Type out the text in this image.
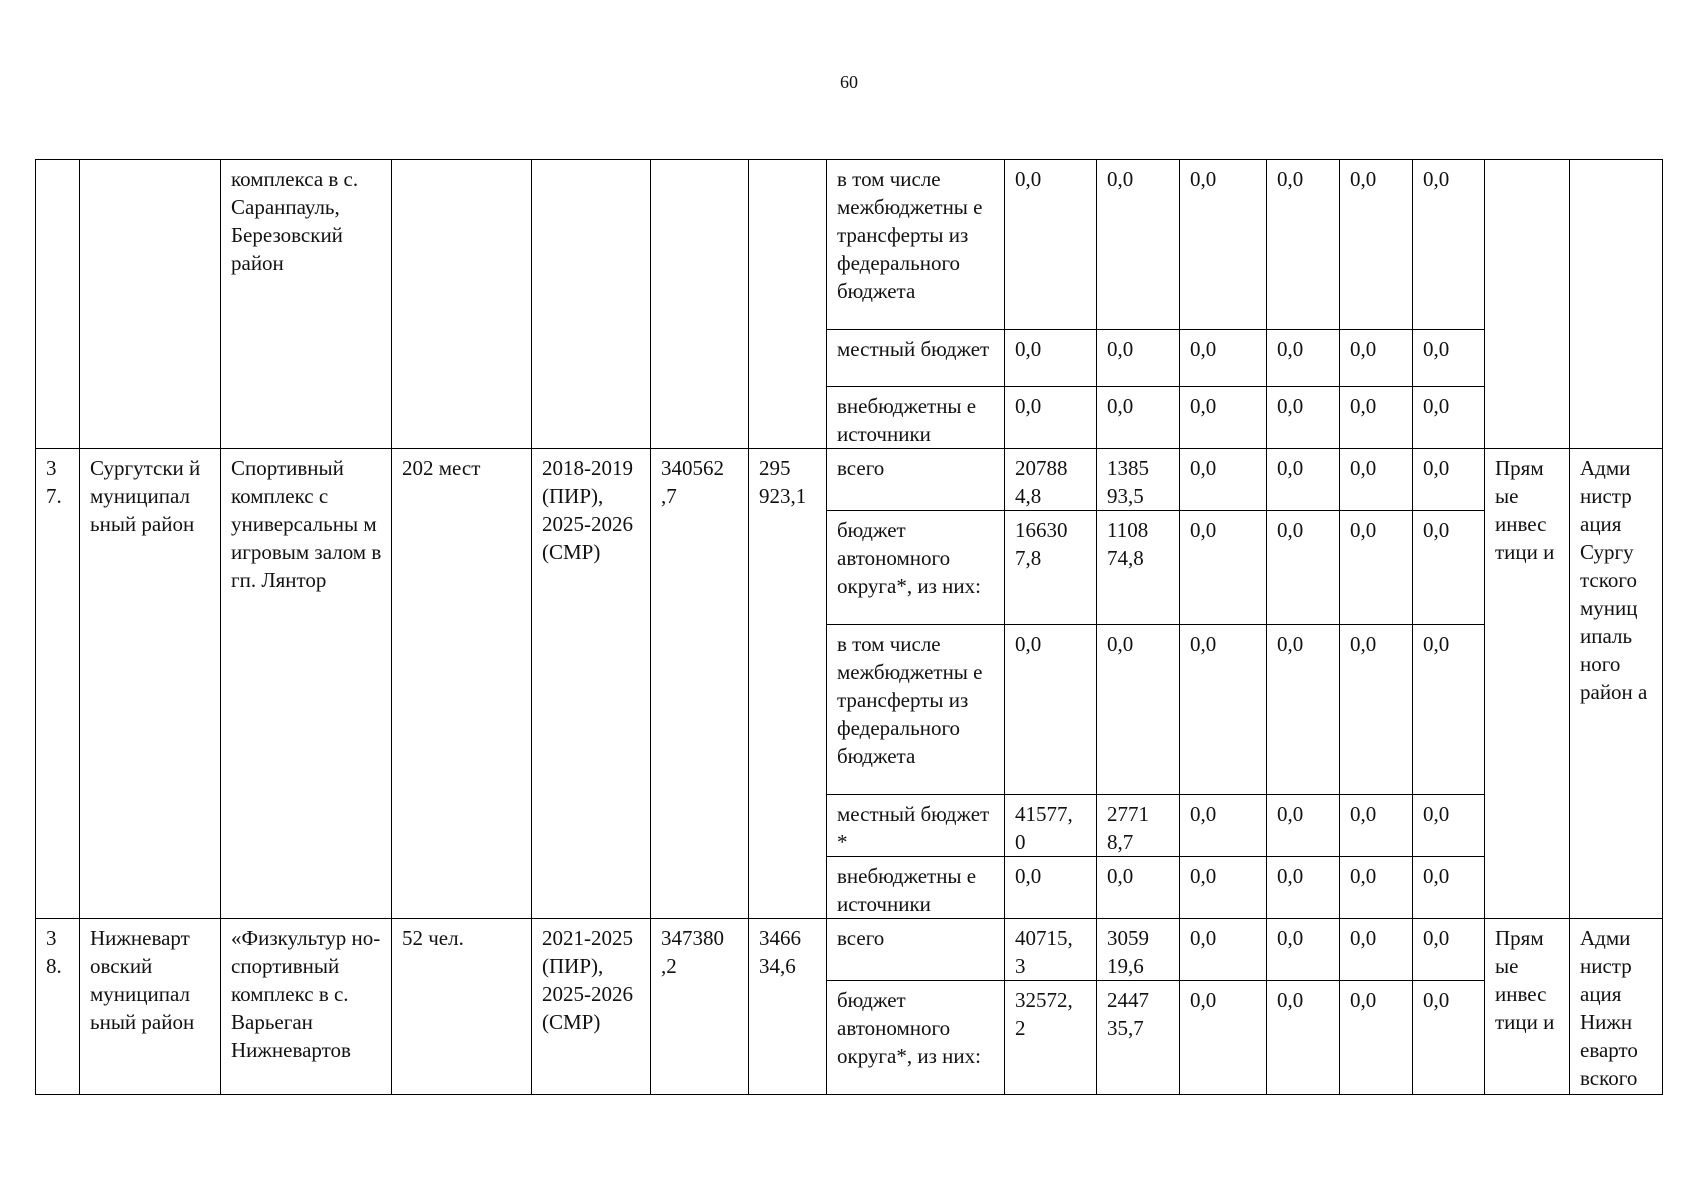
60
		комплекса в с. Саранпауль, Березовский район					в том числе межбюджетны е трансферты из федерального бюджета	0,0	0,0	0,0	0,0	0,0	0,0		
							местный бюджет	0,0	0,0	0,0	0,0	0,0	0,0		
							внебюджетны е источники	0,0	0,0	0,0	0,0	0,0	0,0		
3 7.	Сургутски й муниципал ьный район	Спортивный комплекс с универсальны м игровым залом в гп. Лянтор	202 мест	2018-2019 (ПИР), 2025-2026 (СМР)	340562 ,7	295 923,1	всего	20788 4,8	1385 93,5	0,0	0,0	0,0	0,0	Прям ые инвес тици и	Адми нистр ация Сургу тского муниц ипаль ного район а
							бюджет автономного округа*, из них:	16630 7,8	1108 74,8	0,0	0,0	0,0	0,0		
							в том числе межбюджетны е трансферты из федерального бюджета	0,0	0,0	0,0	0,0	0,0	0,0		
							местный бюджет *	41577, 0	2771 8,7	0,0	0,0	0,0	0,0		
							внебюджетны е источники	0,0	0,0	0,0	0,0	0,0	0,0		
3 8.	Нижневарт овский муниципал ьный район	«Физкультур но-спортивный комплекс в с. Варьеган Нижневартов	52 чел.	2021-2025 (ПИР), 2025-2026 (СМР)	347380 ,2	3466 34,6	всего	40715, 3	3059 19,6	0,0	0,0	0,0	0,0	Прям ые инвес тици и	Адми нистр ация Нижн еварто вского
							бюджет автономного округа*, из них:	32572, 2	2447 35,7	0,0	0,0	0,0	0,0		
